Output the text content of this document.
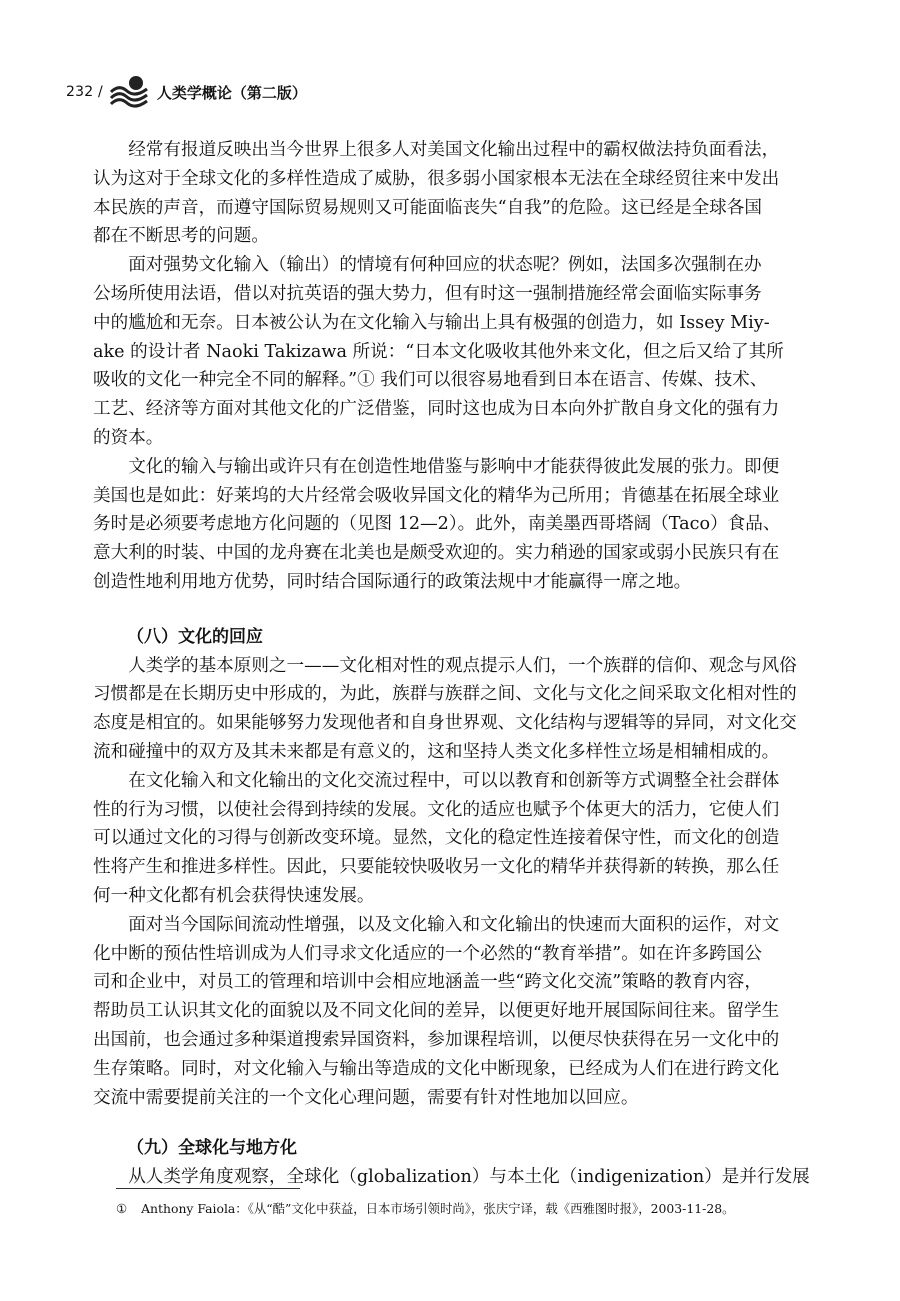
232 /	人类学概论（第二版）

经常有报道反映出当今世界上很多人对美国文化输出过程中的霸权做法持负面看法，
认为这对于全球文化的多样性造成了威胁，很多弱小国家根本无法在全球经贸往来中发出
本民族的声音，而遵守国际贸易规则又可能面临丧失“自我”的危险。这已经是全球各国
都在不断思考的问题。

面对强势文化输入（输出）的情境有何种回应的状态呢？例如，法国多次强制在办
公场所使用法语，借以对抗英语的强大势力，但有时这一强制措施经常会面临实际事务
中的尴尬和无奈。日本被公认为在文化输入与输出上具有极强的创造力，如 Issey Miy-
ake 的设计者 Naoki Takizawa 所说：“日本文化吸收其他外来文化，但之后又给了其所
吸收的文化一种完全不同的解释。”① 我们可以很容易地看到日本在语言、传媒、技术、
工艺、经济等方面对其他文化的广泛借鉴，同时这也成为日本向外扩散自身文化的强有力
的资本。

文化的输入与输出或许只有在创造性地借鉴与影响中才能获得彼此发展的张力。即便
美国也是如此：好莱坞的大片经常会吸收异国文化的精华为己所用；肯德基在拓展全球业
务时是必须要考虑地方化问题的（见图 12—2）。此外，南美墨西哥塔阔（Taco）食品、
意大利的时装、中国的龙舟赛在北美也是颇受欢迎的。实力稍逊的国家或弱小民族只有在
创造性地利用地方优势，同时结合国际通行的政策法规中才能赢得一席之地。

（八）文化的回应

人类学的基本原则之一——文化相对性的观点提示人们，一个族群的信仰、观念与风俗
习惯都是在长期历史中形成的，为此，族群与族群之间、文化与文化之间采取文化相对性的
态度是相宜的。如果能够努力发现他者和自身世界观、文化结构与逻辑等的异同，对文化交
流和碰撞中的双方及其未来都是有意义的，这和坚持人类文化多样性立场是相辅相成的。

在文化输入和文化输出的文化交流过程中，可以以教育和创新等方式调整全社会群体
性的行为习惯，以使社会得到持续的发展。文化的适应也赋予个体更大的活力，它使人们
可以通过文化的习得与创新改变环境。显然，文化的稳定性连接着保守性，而文化的创造
性将产生和推进多样性。因此，只要能较快吸收另一文化的精华并获得新的转换，那么任
何一种文化都有机会获得快速发展。

面对当今国际间流动性增强，以及文化输入和文化输出的快速而大面积的运作，对文
化中断的预估性培训成为人们寻求文化适应的一个必然的“教育举措”。如在许多跨国公
司和企业中，对员工的管理和培训中会相应地涵盖一些“跨文化交流”策略的教育内容，
帮助员工认识其文化的面貌以及不同文化间的差异，以便更好地开展国际间往来。留学生
出国前，也会通过多种渠道搜索异国资料，参加课程培训，以便尽快获得在另一文化中的
生存策略。同时，对文化输入与输出等造成的文化中断现象，已经成为人们在进行跨文化
交流中需要提前关注的一个文化心理问题，需要有针对性地加以回应。

（九）全球化与地方化

从人类学角度观察，全球化（globalization）与本土化（indigenization）是并行发展

① Anthony Faiola：《从“酷”文化中获益，日本市场引领时尚》，张庆宁译，载《西雅图时报》，2003-11-28。
